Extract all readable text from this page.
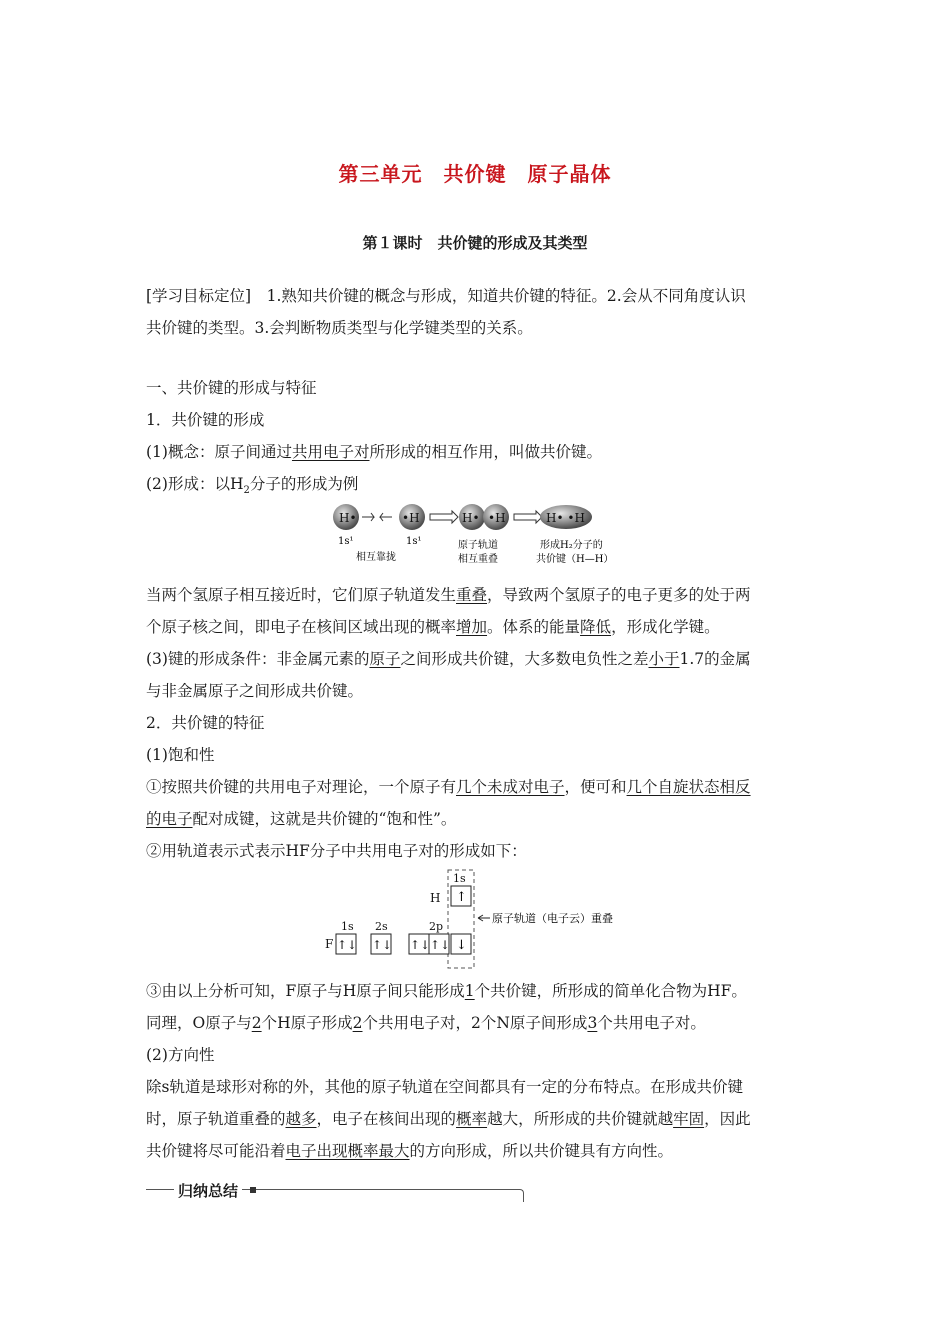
第三单元　共价键　原子晶体
第１课时　共价键的形成及其类型
[学习目标定位]　 1.熟知共价键的概念与形成，知道共价键的特征。2.会从不同角度认识
共价键的类型。3.会判断物质类型与化学键类型的关系。
一、共价键的形成与特征
1．共价键的形成
(1)概念：原子间通过共用电子对所形成的相互作用，叫做共价键。
(2)形成：以$H_2$分子的形成为例
H•	•H	H• •H	H• •H
1s¹	1s¹
相互靠拢
原子轨道
相互重叠
形成H₂分子的
共价键（H—H）
当两个氢原子相互接近时，它们原子轨道发生重叠，导致两个氢原子的电子更多的处于两
个原子核之间，即电子在核间区域出现的概率增加。体系的能量降低，形成化学键。
(3)键的形成条件：非金属元素的原子之间形成共价键，大多数电负性之差小于1.7的金属
与非金属原子之间形成共价键。
2．共价键的特征
(1)饱和性
①按照共价键的共用电子对理论，一个原子有几个未成对电子，便可和几个自旋状态相反
的电子配对成键，这就是共价键的“饱和性”。
②用轨道表示式表示HF分子中共用电子对的形成如下：
H
F
1s
1s 2s	2p
↑
↑↓ ↑↓ ↑↓ ↑↓ ↓
原子轨道（电子云）重叠
③由以上分析可知，F原子与H原子间只能形成1个共价键，所形成的简单化合物为HF。
同理，O原子与2个H原子形成2个共用电子对，2个N原子间形成3个共用电子对。
(2)方向性
除s轨道是球形对称的外，其他的原子轨道在空间都具有一定的分布特点。在形成共价键
时，原子轨道重叠的越多，电子在核间出现的概率越大，所形成的共价键就越牢固，因此
共价键将尽可能沿着电子出现概率最大的方向形成，所以共价键具有方向性。
归纳总结
